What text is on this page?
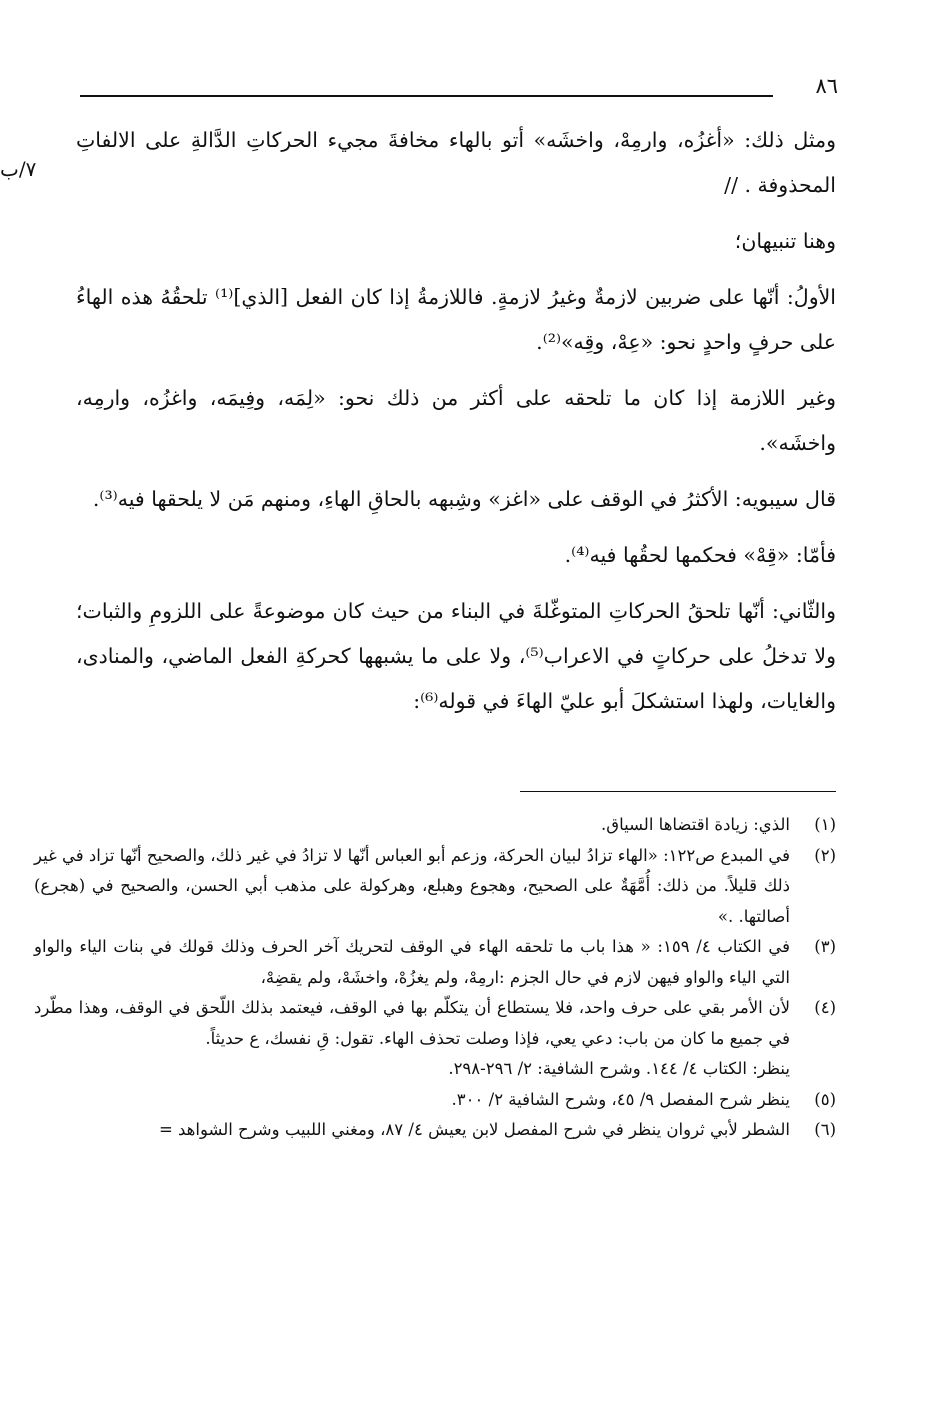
٨٦
٧/ب

ومثل ذلك: «أغزُه، وارمِهْ، واخشَه» أتو بالهاء مخافةَ مجيء الحركاتِ الدَّالةِ على الالفاتِ المحذوفة . //

وهنا تنبيهان؛

الأولُ: أنّها على ضربين لازمةٌ وغيرُ لازمةٍ. فاللازمةُ إذا كان الفعل [الذي]⁽¹⁾ تلحقُهُ هذه الهاءُ على حرفٍ واحدٍ نحو: «عِهْ، وقِه»⁽²⁾.

وغير اللازمة إذا كان ما تلحقه على أكثر من ذلك نحو: «لِمَه، وفِيمَه، واغزُه، وارمِه، واخشَه».

قال سيبويه: الأكثرُ في الوقف على «اغز» وشِبهه بالحاقِ الهاءِ، ومنهم مَن لا يلحقها فيه⁽³⁾.

فأمّا: «قِهْ» فحكمها لحقُها فيه⁽⁴⁾.

والثّاني: أنّها تلحقُ الحركاتِ المتوغّلةَ في البناء من حيث كان موضوعةً على اللزومِ والثبات؛ ولا تدخلُ على حركاتٍ في الاعراب⁽⁵⁾، ولا على ما يشبهها كحركةِ الفعل الماضي، والمنادى، والغايات، ولهذا استشكلَ أبو عليّ الهاءَ في قوله⁽⁶⁾:

(١)
الذي: زيادة اقتضاها السياق.
(٢)
في المبدع ص١٢٢: «الهاء تزادُ لبيان الحركة، وزعم أبو العباس أنّها لا تزادُ في غير ذلك، والصحيح أنّها تزاد في غير ذلك قليلاً. من ذلك: أُمَّهَةٌ على الصحيح، وهجوع وهبلع، وهركولة على مذهب أبي الحسن، والصحيح في (هجرع) أصالتها. .»
(٣)
في الكتاب ٤/ ١٥٩: « هذا باب ما تلحقه الهاء في الوقف لتحريك آخر الحرف وذلك قولك في بنات الياء والواو التي الياء والواو فيهن لازم في حال الجزم :ارمِهْ، ولم يغزُهْ، واخشَهْ، ولم يقضِهْ،
(٤)
لأن الأمر بقي على حرف واحد، فلا يستطاع أن يتكلّم بها في الوقف، فيعتمد بذلك اللّحق في الوقف، وهذا مطّرد في جميع ما كان من باب: دعي يعي، فإذا وصلت تحذف الهاء. تقول: قِ نفسك، ع حديثاً.
ينظر: الكتاب ٤/ ١٤٤. وشرح الشافية: ٢/ ٢٩٦-٢٩٨.
(٥)
ينظر شرح المفصل ٩/ ٤٥، وشرح الشافية ٢/ ٣٠٠.
(٦)
الشطر لأبي ثروان ينظر في شرح المفصل لابن يعيش ٤/ ٨٧، ومغني اللبيب وشرح الشواهد =
